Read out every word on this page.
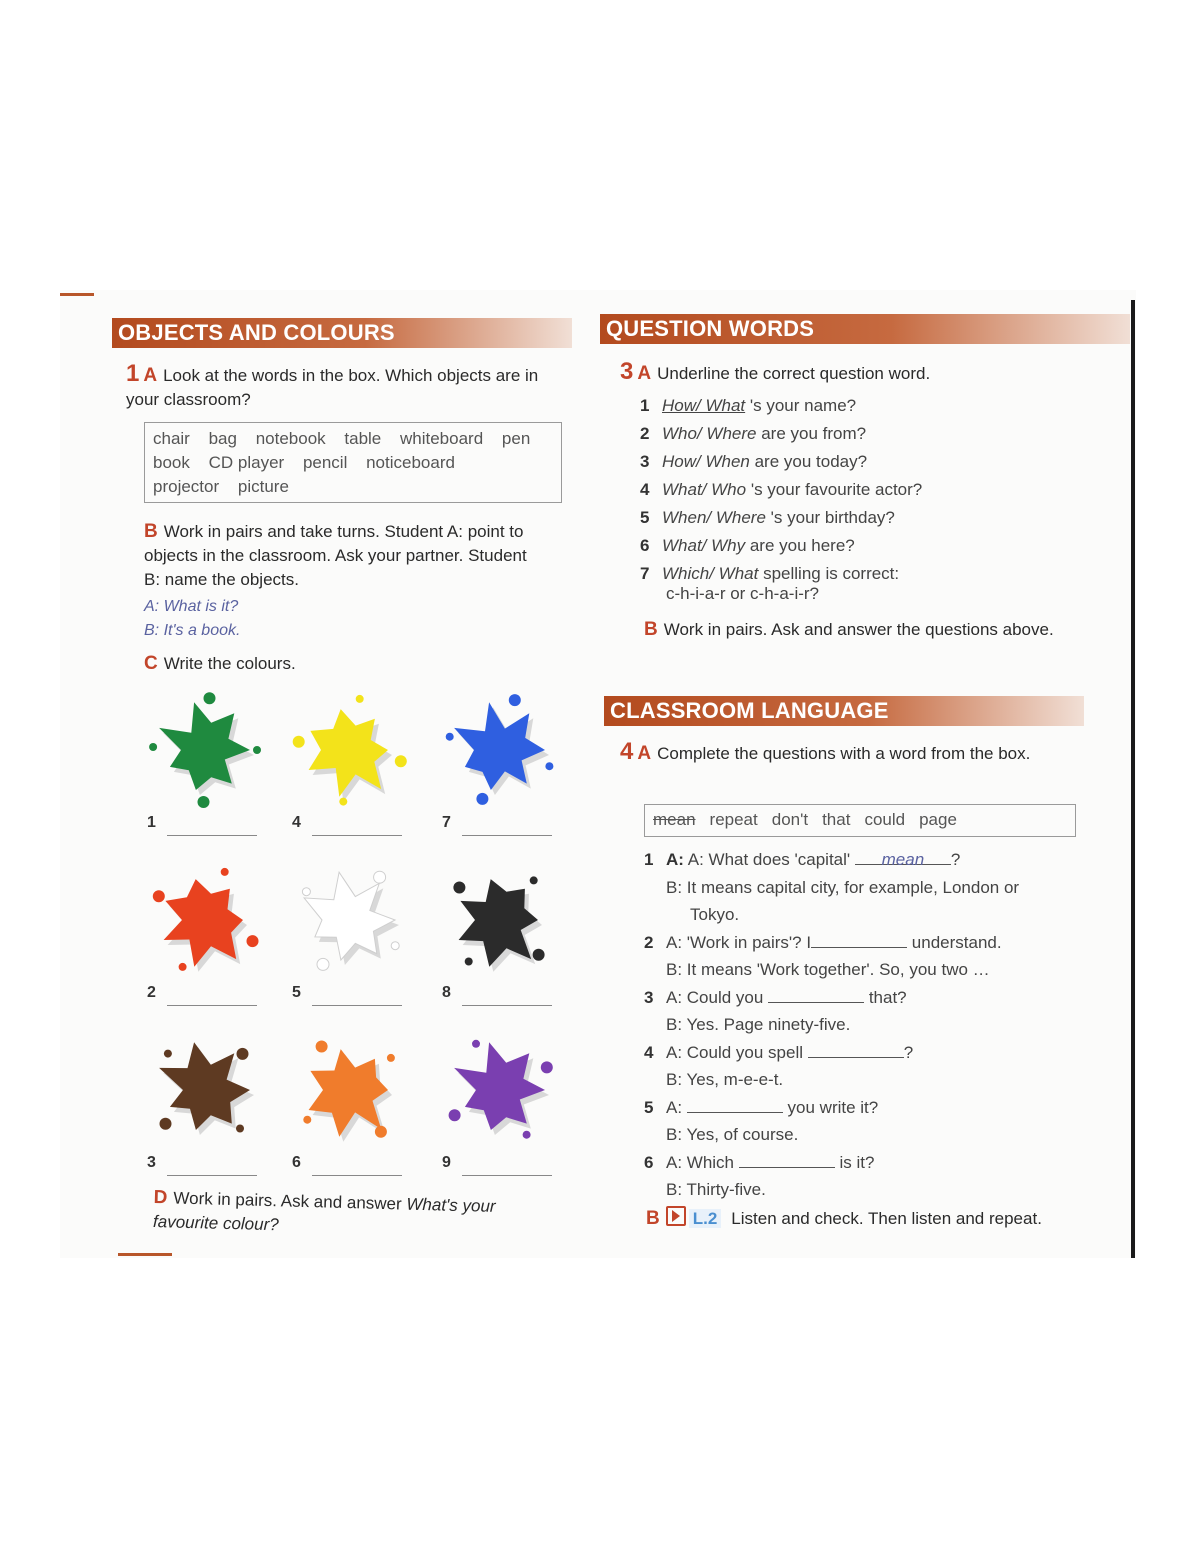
OBJECTS AND COLOURS
1 A Look at the words in the box. Which objects are in your classroom?
chair bag notebook table whiteboard pen book CD player pencil noticeboard projector picture
B Work in pairs and take turns. Student A: point to objects in the classroom. Ask your partner. Student B: name the objects.
A: What is it?
B: It's a book.
C Write the colours.
1	4	7
2	5	8
3	6	9
D Work in pairs. Ask and answer What's your favourite colour?
QUESTION WORDS
3 A Underline the correct question word.
1 How/ What 's your name?
2 Who/ Where are you from?
3 How/ When are you today?
4 What/ Who 's your favourite actor?
5 When/ Where 's your birthday?
6 What/ Why are you here?
7 Which/ What spelling is correct:
c-h-i-a-r or c-h-a-i-r?
B Work in pairs. Ask and answer the questions above.
CLASSROOM LANGUAGE
4 A Complete the questions with a word from the box.
mean repeat don't that could page
1 A: A: What does 'capital' mean ?
B: It means capital city, for example, London or
Tokyo.
2 A: 'Work in pairs'? I	understand.
B: It means 'Work together'. So, you two …
3 A: Could you	that?
B: Yes. Page ninety-five.
4 A: Could you spell	?
B: Yes, m-e-e-t.
5 A:	you write it?
B: Yes, of course.
6 A: Which	is it?
B: Thirty-five.
B L.2 Listen and check. Then listen and repeat.
